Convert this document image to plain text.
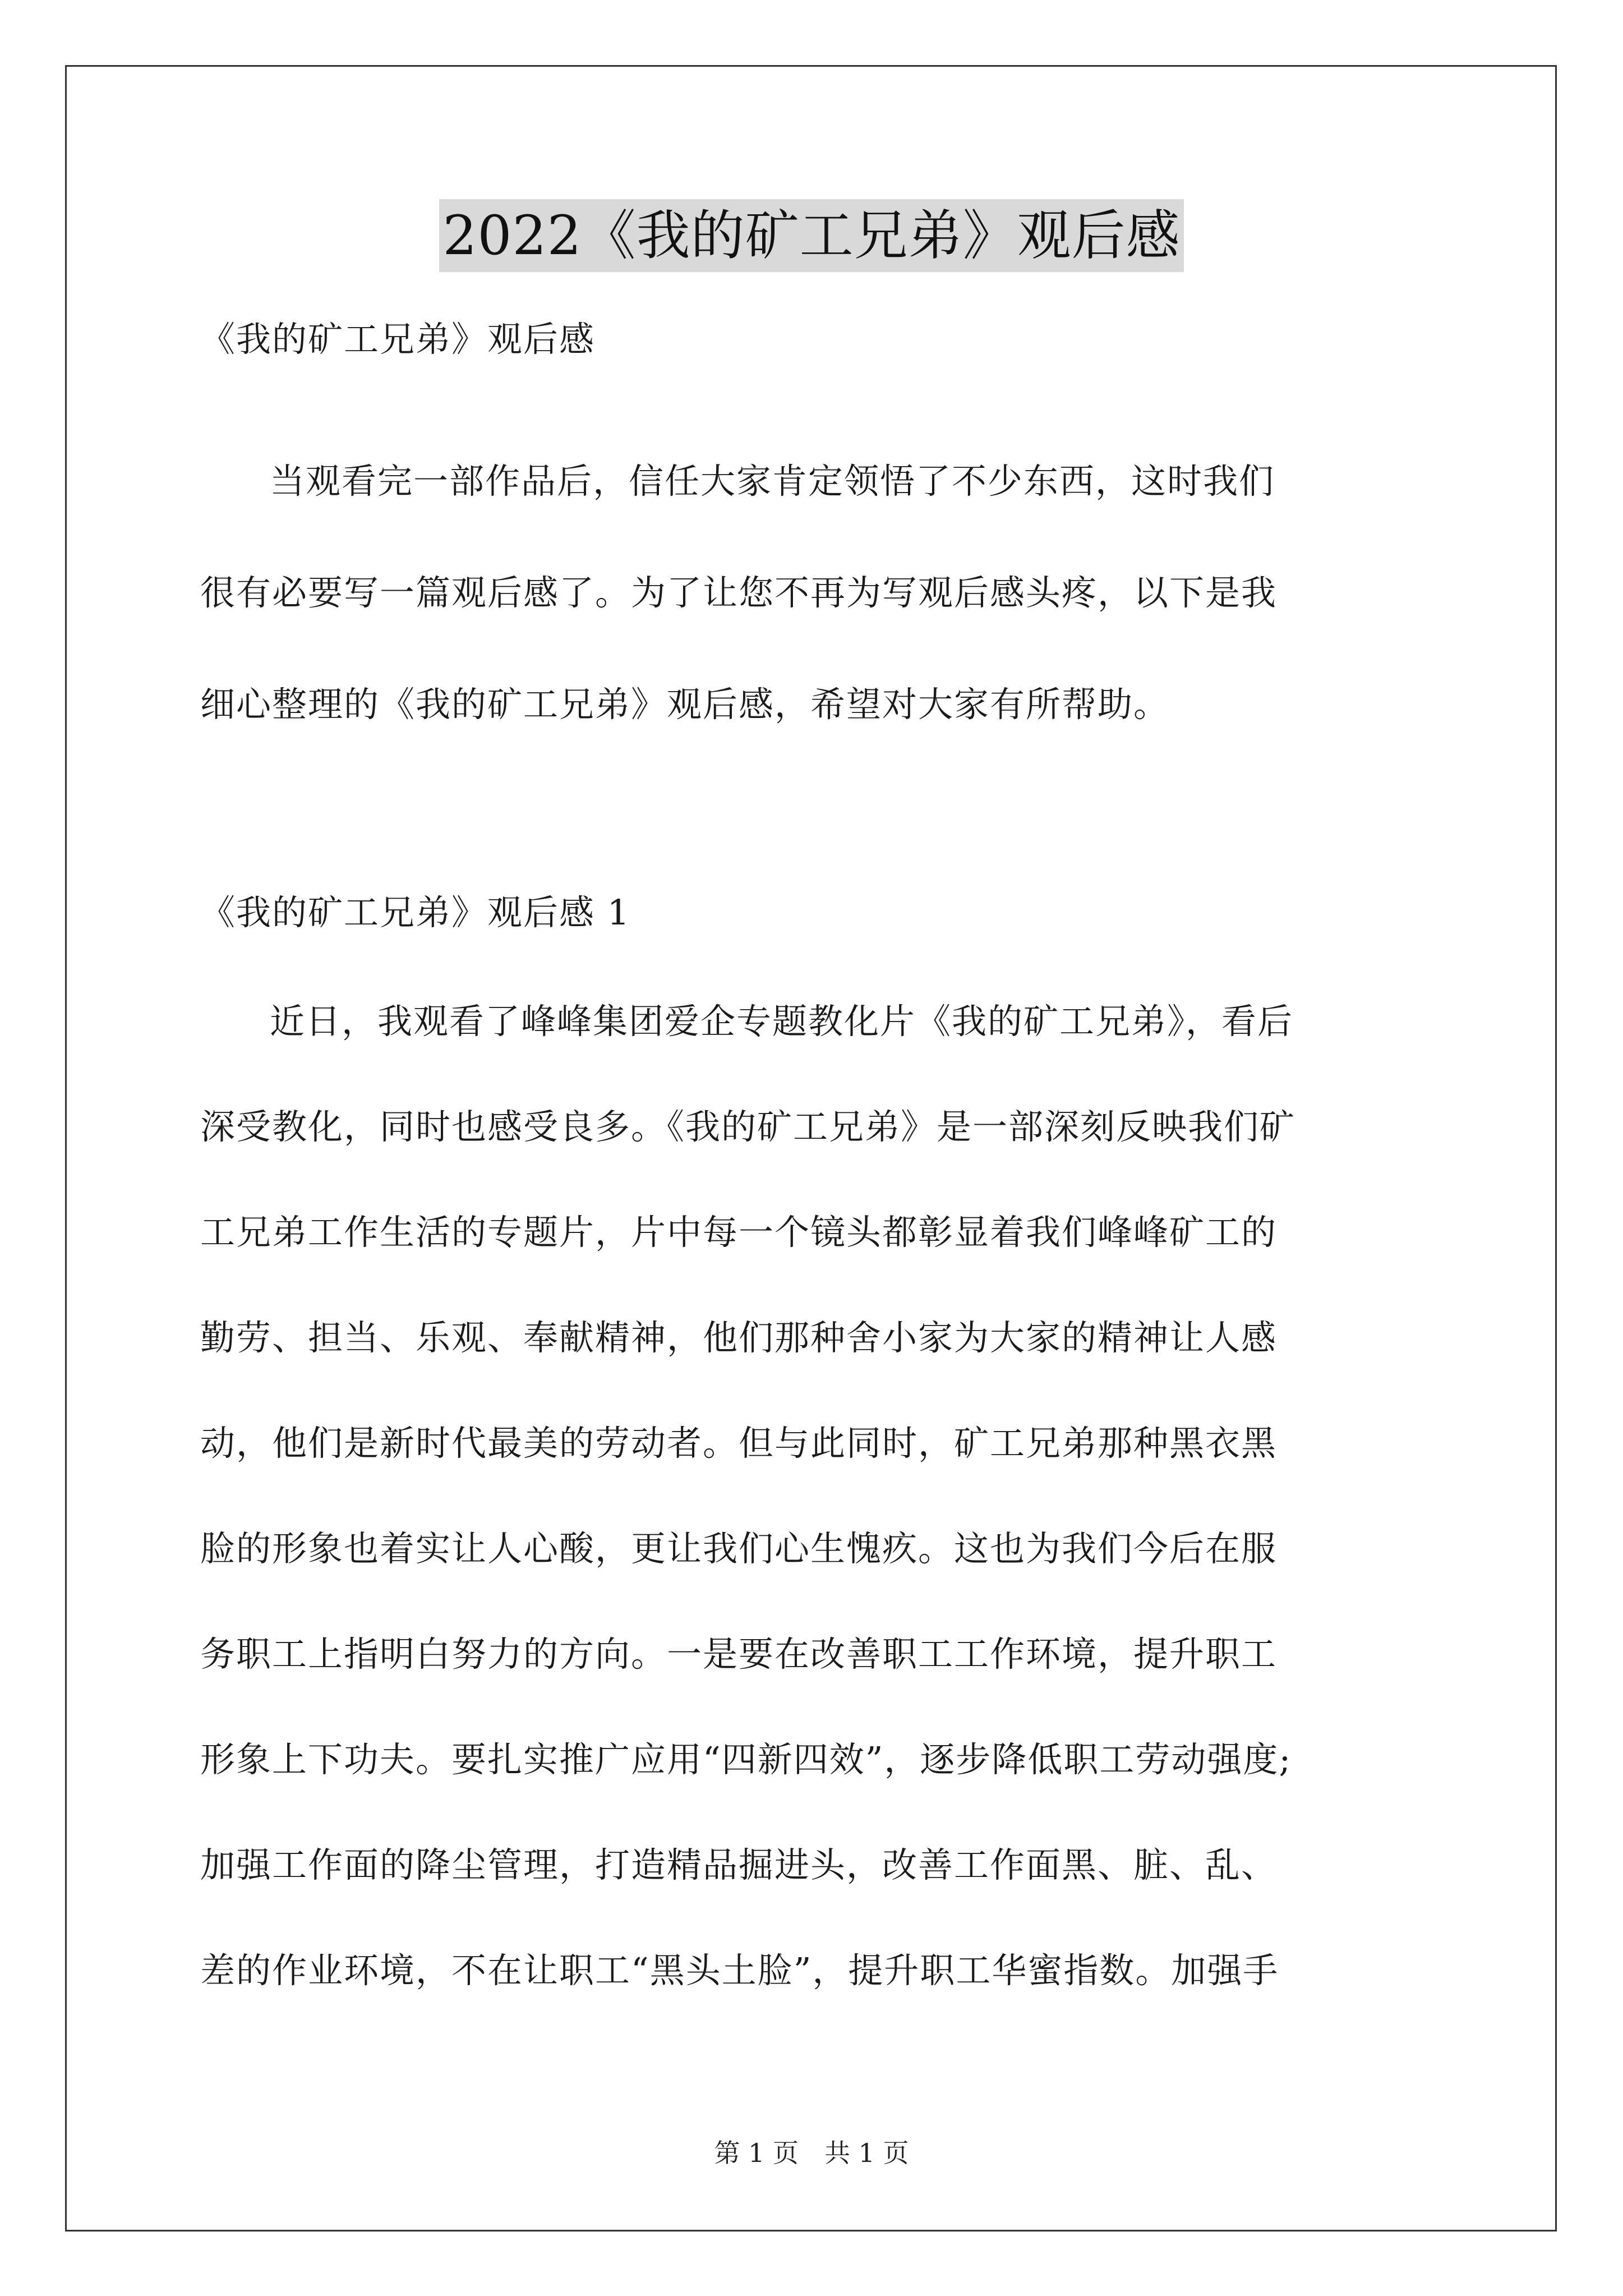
2022《我的矿工兄弟》观后感
《我的矿工兄弟》观后感
当观看完一部作品后，信任大家肯定领悟了不少东西，这时我们
很有必要写一篇观后感了。为了让您不再为写观后感头疼，以下是我
细心整理的《我的矿工兄弟》观后感，希望对大家有所帮助。
《我的矿工兄弟》观后感 1
近日，我观看了峰峰集团爱企专题教化片《我的矿工兄弟》，看后
深受教化，同时也感受良多。《我的矿工兄弟》是一部深刻反映我们矿
工兄弟工作生活的专题片，片中每一个镜头都彰显着我们峰峰矿工的
勤劳、担当、乐观、奉献精神，他们那种舍小家为大家的精神让人感
动，他们是新时代最美的劳动者。但与此同时，矿工兄弟那种黑衣黑
脸的形象也着实让人心酸，更让我们心生愧疚。这也为我们今后在服
务职工上指明白努力的方向。一是要在改善职工工作环境，提升职工
形象上下功夫。要扎实推广应用“四新四效”，逐步降低职工劳动强度;
加强工作面的降尘管理，打造精品掘进头，改善工作面黑、脏、乱、
差的作业环境，不在让职工“黑头土脸”，提升职工华蜜指数。加强手
第 1 页　共 1 页
